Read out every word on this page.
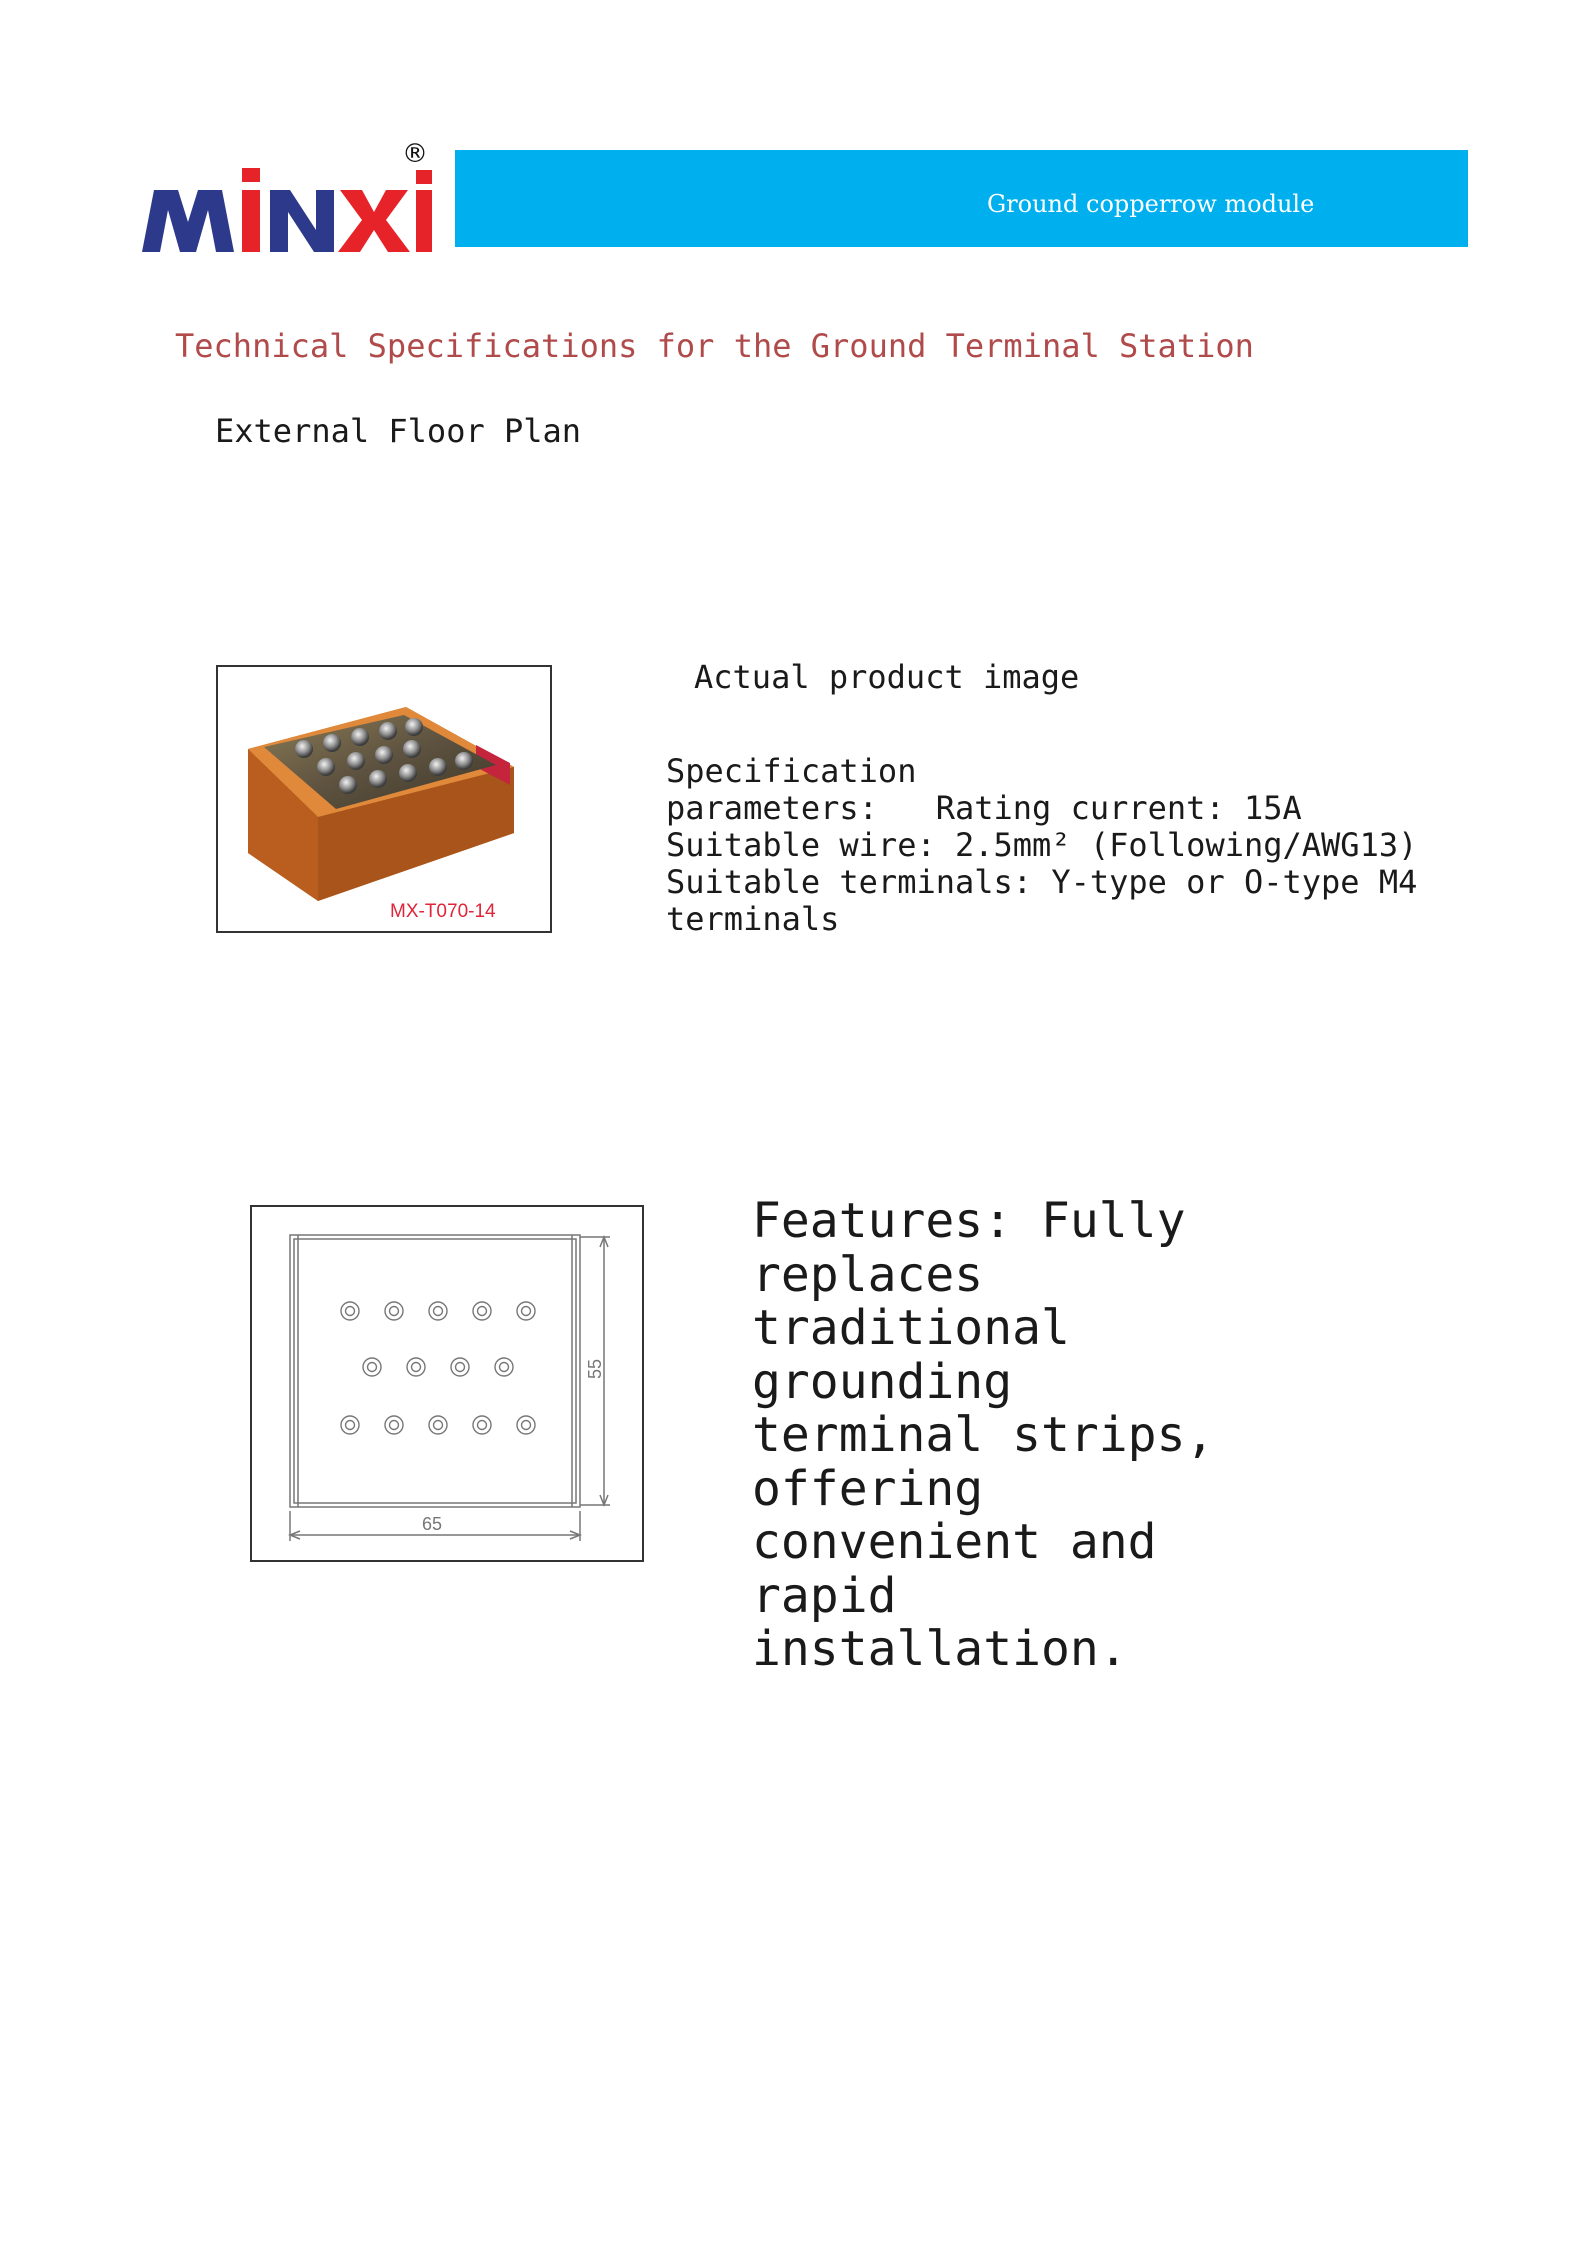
®
Ground copperrow module
Technical Specifications for the Ground Terminal Station
External Floor Plan
MX-T070-14
Actual product image
Specification
parameters:   Rating current: 15A
Suitable wire: 2.5mm² (Following/AWG13)
Suitable terminals: Y-type or O-type M4
terminals
65
55
Features: Fully replaces traditional grounding terminal strips, offering convenient and rapid installation.
